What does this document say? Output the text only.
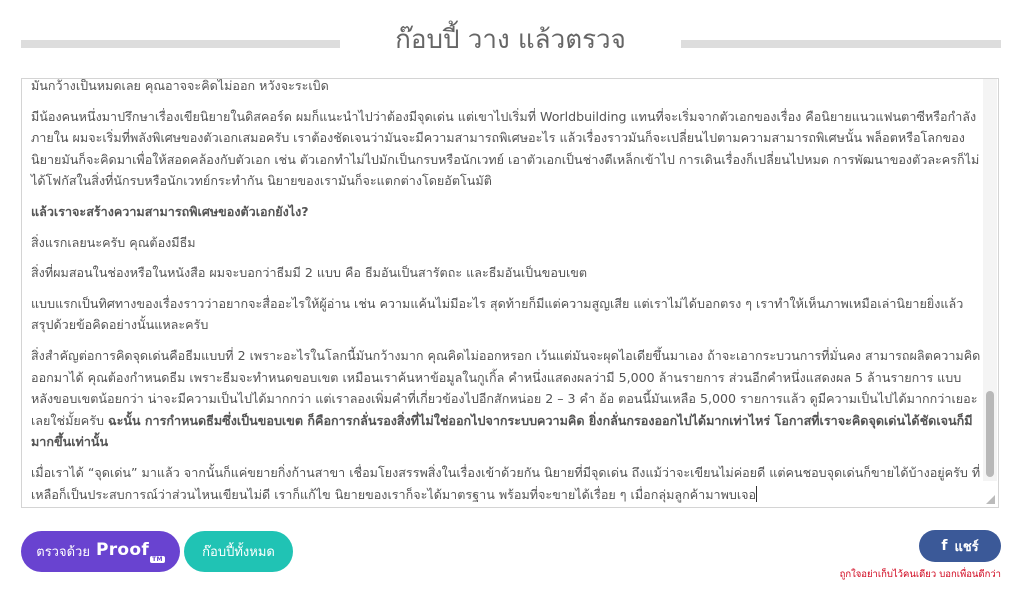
ก๊อบปี้ วาง แล้วตรวจ

มันกว้างเป็นหมดเลย คุณอาจจะคิดไม่ออก หวังจะระเบิด

มีน้องคนหนึ่งมาปรึกษาเรื่องเขียนิยายในดิสคอร์ด ผมก็แนะนำไปว่าต้องมีจุดเด่น แต่เขาไปเริ่มที่ Worldbuilding แทนที่จะเริ่มจากตัวเอกของเรื่อง คือนิยายแนวแฟนตาซีหรือกำลังภายใน ผมจะเริ่มที่พลังพิเศษของตัวเอกเสมอครับ เราต้องชัดเจนว่ามันจะมีความสามารถพิเศษอะไร แล้วเรื่องราวมันก็จะเปลี่ยนไปตามความสามารถพิเศษนั้น พล็อตหรือโลกของนิยายมันก็จะคิดมาเพื่อให้สอดคล้องกับตัวเอก เช่น ตัวเอกทำไม่ไปมักเป็นกรบหรือนักเวทย์ เอาตัวเอกเป็นช่างตีเหล็กเข้าไป การเดินเรื่องก็เปลี่ยนไปหมด การพัฒนาของตัวละครก็ไม่ได้โฟกัสในสิ่งที่นักรบหรือนักเวทย์กระทำกัน นิยายของเรามันก็จะแตกต่างโดยอัตโนมัติ

แล้วเราจะสร้างความสามารถพิเศษของตัวเอกยังไง?

สิ่งแรกเลยนะครับ คุณต้องมีธีม

สิ่งที่ผมสอนในช่องหรือในหนังสือ ผมจะบอกว่าธีมมี 2 แบบ คือ ธีมอันเป็นสารัตถะ และธีมอันเป็นขอบเขต

แบบแรกเป็นทิศทางของเรื่องราวว่าอยากจะสื่ออะไรให้ผู้อ่าน เช่น ความแค้นไม่มีอะไร สุดท้ายก็มีแต่ความสูญเสีย แต่เราไม่ได้บอกตรง ๆ เราทำให้เห็นภาพเหมือเล่านิยายยิ่งแล้วสรุปด้วยข้อคิดอย่างนั้นแหละครับ

สิ่งสำคัญต่อการคิดจุดเด่นคือธีมแบบที่ 2 เพราะอะไรในโลกนี้มันกว้างมาก คุณคิดไม่ออกหรอก เว้นแต่มันจะผุดไอเดียขึ้นมาเอง ถ้าจะเอากระบวนการที่มั่นคง สามารถผลิตความคิดออกมาได้ คุณต้องกำหนดธีม เพราะธีมจะทำหนดขอบเขต เหมือนเราค้นหาข้อมูลในกูเกิ้ล คำหนึ่งแสดงผลว่ามี 5,000 ล้านรายการ ส่วนอีกคำหนึ่งแสดงผล 5 ล้านรายการ แบบหลังขอบเขตน้อยกว่า น่าจะมีความเป็นไปได้มากกว่า แต่เราลองเพิ่มคำที่เกี่ยวข้องไปอีกสักหน่อย 2 – 3 คำ อ้อ ตอนนี้มันเหลือ 5,000 รายการแล้ว ดูมีความเป็นไปได้มากกว่าเยอะเลยใช่มั้ยครับ ฉะนั้น การกำหนดธีมซึ่งเป็นขอบเขต ก็คือการกลั่นรองสิ่งที่ไม่ใช่ออกไปจากระบบความคิด ยิ่งกลั่นกรองออกไปได้มากเท่าไหร่ โอกาสที่เราจะคิดจุดเด่นได้ชัดเจนก็มีมากขึ้นเท่านั้น

เมื่อเราได้ “จุดเด่น” มาแล้ว จากนั้นก็แค่ขยายกิ่งก้านสาขา เชื่อมโยงสรรพสิ่งในเรื่องเข้าด้วยกัน นิยายที่มีจุดเด่น ถึงแม้ว่าจะเขียนไม่ค่อยดี แต่คนชอบจุดเด่นก็ขายได้บ้างอยู่ครับ ที่เหลือก็เป็นประสบการณ์ว่าส่วนไหนเขียนไม่ดี เราก็แก้ไข นิยายของเราก็จะได้มาตรฐาน พร้อมที่จะขายได้เรื่อย ๆ เมื่อกลุ่มลูกค้ามาพบเจอ

ตรวจด้วย Proof TM	ก๊อบปี้ทั้งหมด	f แชร์
ถูกใจอย่าเก็บไว้คนเดียว บอกเพื่อนดีกว่า
